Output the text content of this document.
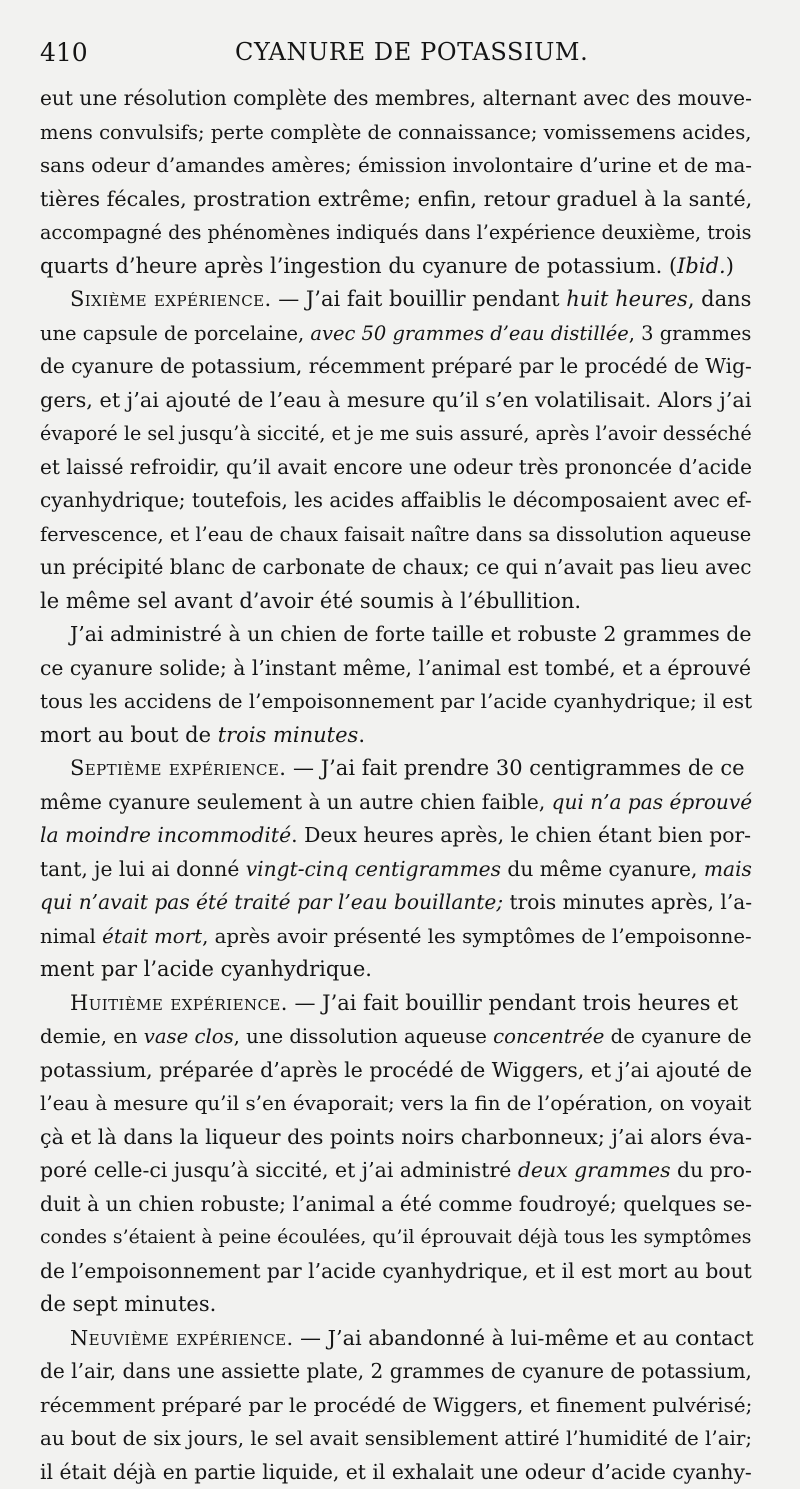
410	CYANURE DE POTASSIUM.
eut une résolution complète des membres, alternant avec des mouve-
mens convulsifs; perte complète de connaissance; vomissemens acides,
sans odeur d’amandes amères; émission involontaire d’urine et de ma-
tières fécales, prostration extrême; enfin, retour graduel à la santé,
accompagné des phénomènes indiqués dans l’expérience deuxième, trois
quarts d’heure après l’ingestion du cyanure de potassium. (Ibid.)
Sixième expérience. — J’ai fait bouillir pendant huit heures, dans
une capsule de porcelaine, avec 50 grammes d’eau distillée, 3 grammes
de cyanure de potassium, récemment préparé par le procédé de Wig-
gers, et j’ai ajouté de l’eau à mesure qu’il s’en volatilisait. Alors j’ai
évaporé le sel jusqu’à siccité, et je me suis assuré, après l’avoir desséché
et laissé refroidir, qu’il avait encore une odeur très prononcée d’acide
cyanhydrique; toutefois, les acides affaiblis le décomposaient avec ef-
fervescence, et l’eau de chaux faisait naître dans sa dissolution aqueuse
un précipité blanc de carbonate de chaux; ce qui n’avait pas lieu avec
le même sel avant d’avoir été soumis à l’ébullition.
J’ai administré à un chien de forte taille et robuste 2 grammes de
ce cyanure solide; à l’instant même, l’animal est tombé, et a éprouvé
tous les accidens de l’empoisonnement par l’acide cyanhydrique; il est
mort au bout de trois minutes.
Septième expérience. — J’ai fait prendre 30 centigrammes de ce
même cyanure seulement à un autre chien faible, qui n’a pas éprouvé
la moindre incommodité. Deux heures après, le chien étant bien por-
tant, je lui ai donné vingt-cinq centigrammes du même cyanure, mais
qui n’avait pas été traité par l’eau bouillante; trois minutes après, l’a-
nimal était mort, après avoir présenté les symptômes de l’empoisonne-
ment par l’acide cyanhydrique.
Huitième expérience. — J’ai fait bouillir pendant trois heures et
demie, en vase clos, une dissolution aqueuse concentrée de cyanure de
potassium, préparée d’après le procédé de Wiggers, et j’ai ajouté de
l’eau à mesure qu’il s’en évaporait; vers la fin de l’opération, on voyait
çà et là dans la liqueur des points noirs charbonneux; j’ai alors éva-
poré celle-ci jusqu’à siccité, et j’ai administré deux grammes du pro-
duit à un chien robuste; l’animal a été comme foudroyé; quelques se-
condes s’étaient à peine écoulées, qu’il éprouvait déjà tous les symptômes
de l’empoisonnement par l’acide cyanhydrique, et il est mort au bout
de sept minutes.
Neuvième expérience. — J’ai abandonné à lui-même et au contact
de l’air, dans une assiette plate, 2 grammes de cyanure de potassium,
récemment préparé par le procédé de Wiggers, et finement pulvérisé;
au bout de six jours, le sel avait sensiblement attiré l’humidité de l’air;
il était déjà en partie liquide, et il exhalait une odeur d’acide cyanhy-
